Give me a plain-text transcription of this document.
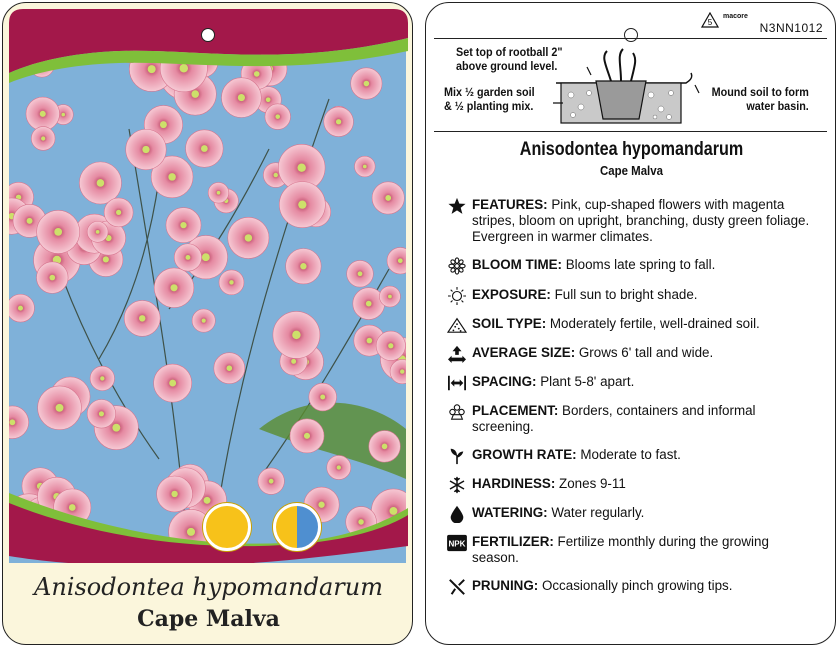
Anisodontea hypomandarum
Cape Malva
5
macore
N3NN1012
Set top of rootball 2" above ground level.
Mix ½ garden soil & ½ planting mix.
Mound soil to form water basin.
Anisodontea hypomandarum
Cape Malva
FEATURES: Pink, cup-shaped flowers with magenta stripes, bloom on upright, branching, dusty green foliage. Evergreen in warmer climates.
BLOOM TIME: Blooms late spring to fall.
EXPOSURE: Full sun to bright shade.
SOIL TYPE: Moderately fertile, well-drained soil.
AVERAGE SIZE: Grows 6' tall and wide.
SPACING: Plant 5-8' apart.
PLACEMENT: Borders, containers and informal screening.
GROWTH RATE: Moderate to fast.
HARDINESS: Zones 9-11
WATERING: Water regularly.
NPK FERTILIZER: Fertilize monthly during the growing season.
PRUNING: Occasionally pinch growing tips.
